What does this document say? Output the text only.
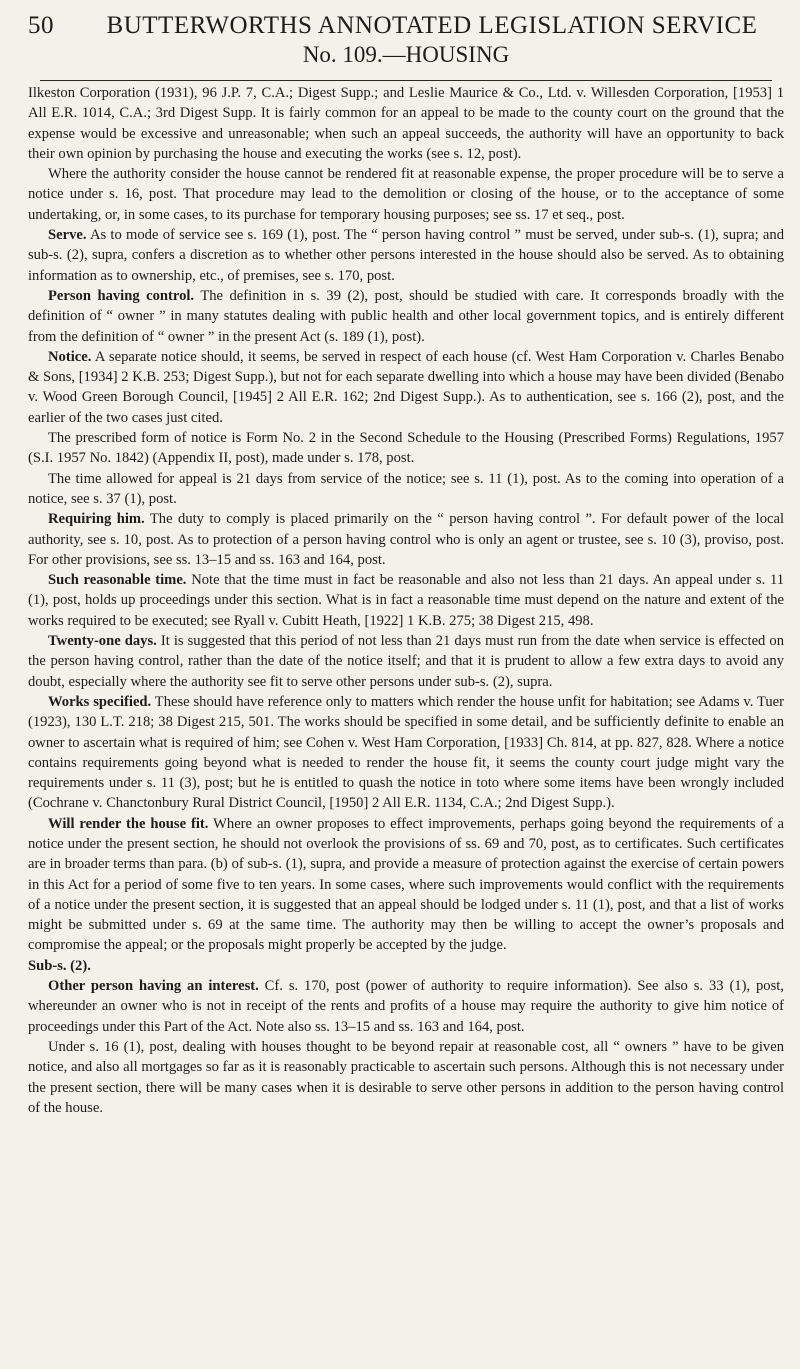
50	BUTTERWORTHS ANNOTATED LEGISLATION SERVICE
No. 109.—HOUSING

Ilkeston Corporation (1931), 96 J.P. 7, C.A.; Digest Supp.; and Leslie Maurice & Co., Ltd. v. Willesden Corporation, [1953] 1 All E.R. 1014, C.A.; 3rd Digest Supp. It is fairly common for an appeal to be made to the county court on the ground that the expense would be excessive and unreasonable; when such an appeal succeeds, the authority will have an opportunity to back their own opinion by purchasing the house and executing the works (see s. 12, post).

Where the authority consider the house cannot be rendered fit at reasonable expense, the proper procedure will be to serve a notice under s. 16, post. That procedure may lead to the demolition or closing of the house, or to the acceptance of some undertaking, or, in some cases, to its purchase for temporary housing purposes; see ss. 17 et seq., post.

Serve. As to mode of service see s. 169 (1), post. The “ person having control ” must be served, under sub-s. (1), supra; and sub-s. (2), supra, confers a discretion as to whether other persons interested in the house should also be served. As to obtaining information as to ownership, etc., of premises, see s. 170, post.

Person having control. The definition in s. 39 (2), post, should be studied with care. It corresponds broadly with the definition of “ owner ” in many statutes dealing with public health and other local government topics, and is entirely different from the definition of “ owner ” in the present Act (s. 189 (1), post).

Notice. A separate notice should, it seems, be served in respect of each house (cf. West Ham Corporation v. Charles Benabo & Sons, [1934] 2 K.B. 253; Digest Supp.), but not for each separate dwelling into which a house may have been divided (Benabo v. Wood Green Borough Council, [1945] 2 All E.R. 162; 2nd Digest Supp.). As to authentication, see s. 166 (2), post, and the earlier of the two cases just cited.

The prescribed form of notice is Form No. 2 in the Second Schedule to the Housing (Prescribed Forms) Regulations, 1957 (S.I. 1957 No. 1842) (Appendix II, post), made under s. 178, post.

The time allowed for appeal is 21 days from service of the notice; see s. 11 (1), post. As to the coming into operation of a notice, see s. 37 (1), post.

Requiring him. The duty to comply is placed primarily on the “ person having control ”. For default power of the local authority, see s. 10, post. As to protection of a person having control who is only an agent or trustee, see s. 10 (3), proviso, post. For other provisions, see ss. 13–15 and ss. 163 and 164, post.

Such reasonable time. Note that the time must in fact be reasonable and also not less than 21 days. An appeal under s. 11 (1), post, holds up proceedings under this section. What is in fact a reasonable time must depend on the nature and extent of the works required to be executed; see Ryall v. Cubitt Heath, [1922] 1 K.B. 275; 38 Digest 215, 498.

Twenty-one days. It is suggested that this period of not less than 21 days must run from the date when service is effected on the person having control, rather than the date of the notice itself; and that it is prudent to allow a few extra days to avoid any doubt, especially where the authority see fit to serve other persons under sub-s. (2), supra.

Works specified. These should have reference only to matters which render the house unfit for habitation; see Adams v. Tuer (1923), 130 L.T. 218; 38 Digest 215, 501. The works should be specified in some detail, and be sufficiently definite to enable an owner to ascertain what is required of him; see Cohen v. West Ham Corporation, [1933] Ch. 814, at pp. 827, 828. Where a notice contains requirements going beyond what is needed to render the house fit, it seems the county court judge might vary the requirements under s. 11 (3), post; but he is entitled to quash the notice in toto where some items have been wrongly included (Cochrane v. Chanctonbury Rural District Council, [1950] 2 All E.R. 1134, C.A.; 2nd Digest Supp.).

Will render the house fit. Where an owner proposes to effect improvements, perhaps going beyond the requirements of a notice under the present section, he should not overlook the provisions of ss. 69 and 70, post, as to certificates. Such certificates are in broader terms than para. (b) of sub-s. (1), supra, and provide a measure of protection against the exercise of certain powers in this Act for a period of some five to ten years. In some cases, where such improvements would conflict with the requirements of a notice under the present section, it is suggested that an appeal should be lodged under s. 11 (1), post, and that a list of works might be submitted under s. 69 at the same time. The authority may then be willing to accept the owner’s proposals and compromise the appeal; or the proposals might properly be accepted by the judge.

Sub-s. (2).

Other person having an interest. Cf. s. 170, post (power of authority to require information). See also s. 33 (1), post, whereunder an owner who is not in receipt of the rents and profits of a house may require the authority to give him notice of proceedings under this Part of the Act. Note also ss. 13–15 and ss. 163 and 164, post.

Under s. 16 (1), post, dealing with houses thought to be beyond repair at reasonable cost, all “ owners ” have to be given notice, and also all mortgages so far as it is reasonably practicable to ascertain such persons. Although this is not necessary under the present section, there will be many cases when it is desirable to serve other persons in addition to the person having control of the house.
